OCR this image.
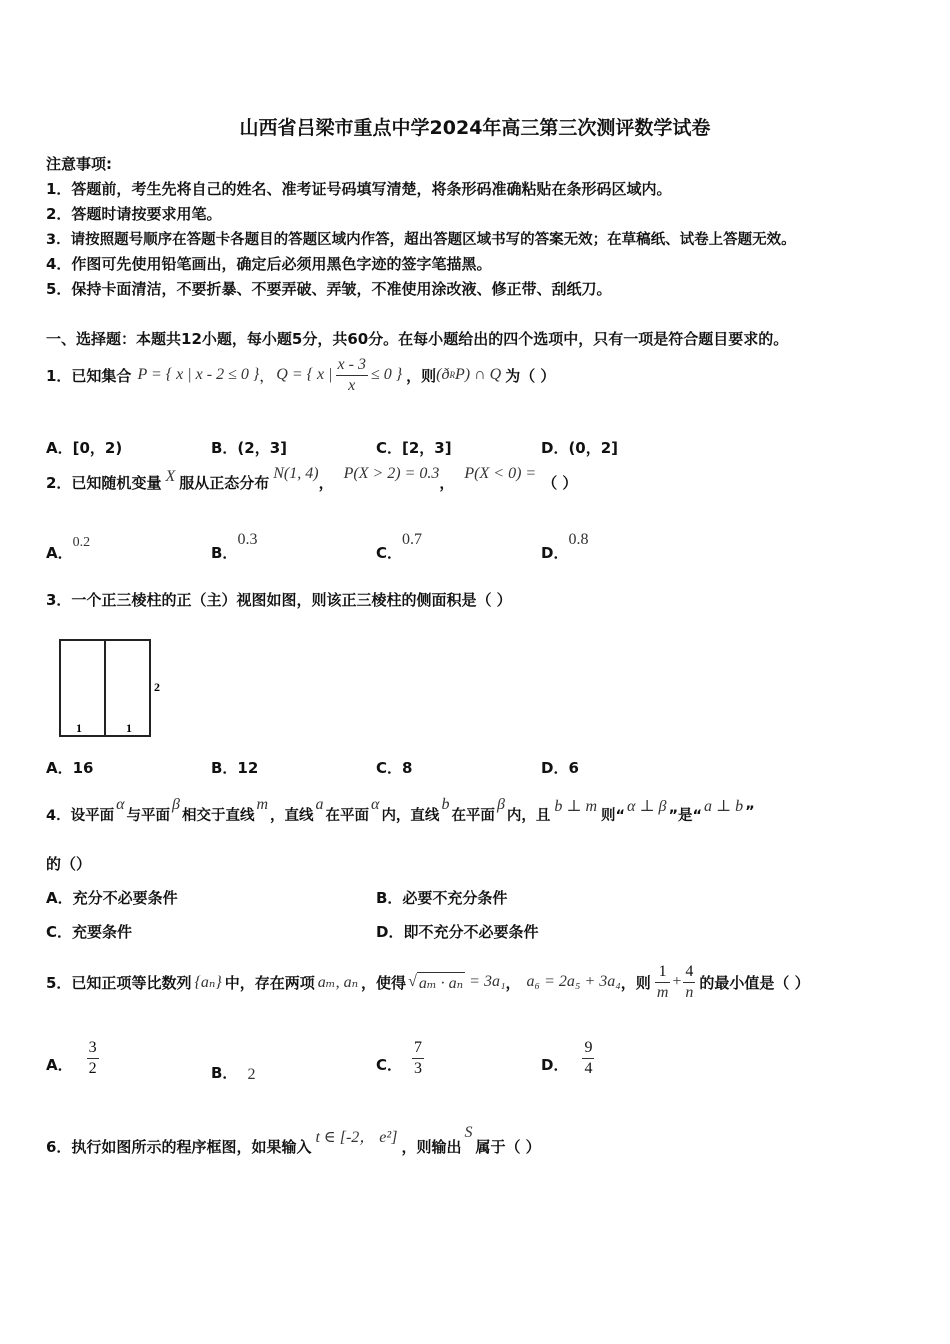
山西省吕梁市重点中学2024年高三第三次测评数学试卷
注意事项:
1．答题前，考生先将自己的姓名、准考证号码填写清楚，将条形码准确粘贴在条形码区域内。
2．答题时请按要求用笔。
3．请按照题号顺序在答题卡各题目的答题区域内作答，超出答题区域书写的答案无效；在草稿纸、试卷上答题无效。
4．作图可先使用铅笔画出，确定后必须用黑色字迹的签字笔描黑。
5．保持卡面清洁，不要折暴、不要弄破、弄皱，不准使用涂改液、修正带、刮纸刀。
一、选择题：本题共12小题，每小题5分，共60分。在每小题给出的四个选项中，只有一项是符合题目要求的。
1．已知集合 P = { x | x - 2 ≤ 0 } ， Q = { x | $\frac{x - 3}{x} \le 0$ } ，则 (ð R P) ∩ Q 为（ ）
A．[0，2)	B．(2，3]	C．[2，3]	D．(0，2]
2．已知随机变量 X 服从正态分布
N(1, 4)
，
P(X > 2) = 0.3
，
P(X < 0) =
（ ）
A．0.2
B．0.3
C．0.7
D．0.8
3．一个正三棱柱的正（主）视图如图，则该正三棱柱的侧面积是（ ）
1	1
2
A．16	B．12	C．8	D．6
4．设平面
α
与平面
β
相交于直线
m
，直线
a
在平面
α
内，直线
b
在平面
β
内，且
b ⊥ m
则“
α ⊥ β
”是“
a ⊥ b ”
的（）
A．充分不必要条件	B．必要不充分条件
C．充要条件	D．即不充分不必要条件
5．已知正项等比数列 {aₙ} 中，存在两项 aₘ, aₙ ，使得 √ aₘ · aₙ = 3a₁ ， a₆ = 2a₅ + 3a₄ ，则 $\frac{1}{m} + \frac{4}{n}$ 的最小值是（ ）
A． $\frac{3}{2}$	B． 2	C． $\frac{7}{3}$	D． $\frac{9}{4}$
6．执行如图所示的程序框图，如果输入
t ∈ [-2， e²]
，则输出
S
属于（ ）
